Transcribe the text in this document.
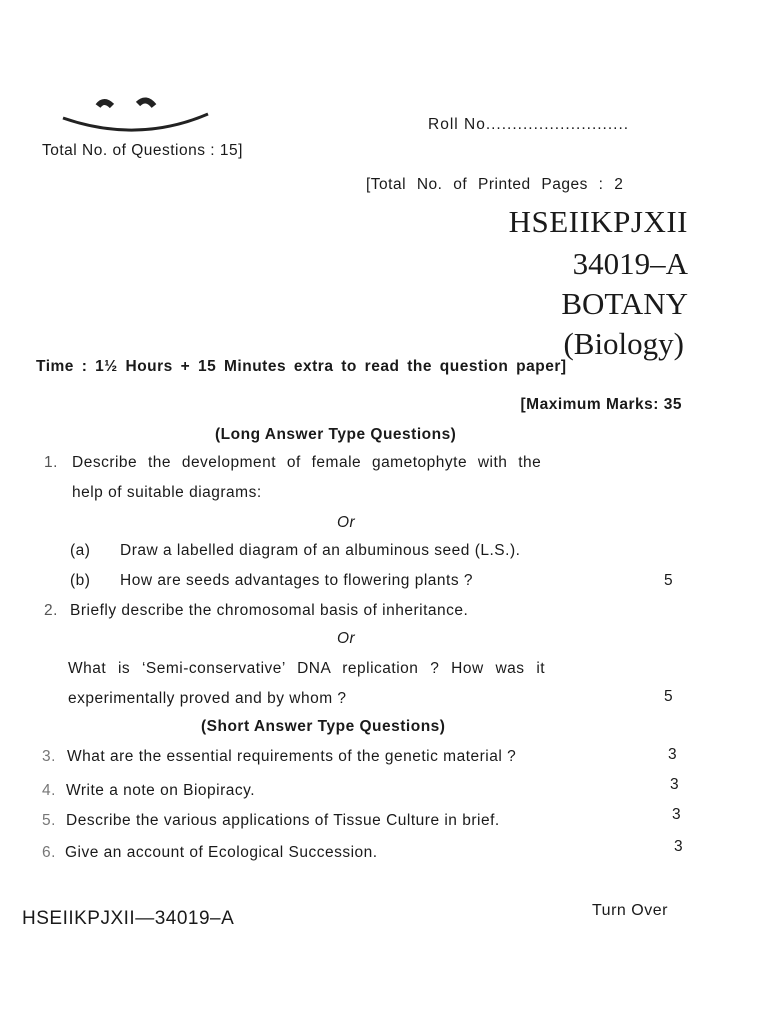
Roll No...........................
Total No. of Questions : 15]
[Total No. of Printed Pages : 2
HSEIIKPJXII
34019–A
BOTANY
(Biology)
Time : 1½ Hours + 15 Minutes extra to read the question paper]
[Maximum Marks: 35
(Long Answer Type Questions)
1. Describe the development of female gametophyte with the
help of suitable diagrams:
Or
(a) Draw a labelled diagram of an albuminous seed (L.S.).
(b) How are seeds advantages to flowering plants ?	5
2. Briefly describe the chromosomal basis of inheritance.
Or
What is ‘Semi-conservative’ DNA replication ? How was it
experimentally proved and by whom ?	5
(Short Answer Type Questions)
3. What are the essential requirements of the genetic material ?	3
4. Write a note on Biopiracy.	3
5. Describe the various applications of Tissue Culture in brief.	3
6. Give an account of Ecological Succession.	3
HSEIIKPJXII—34019–A	Turn Over
